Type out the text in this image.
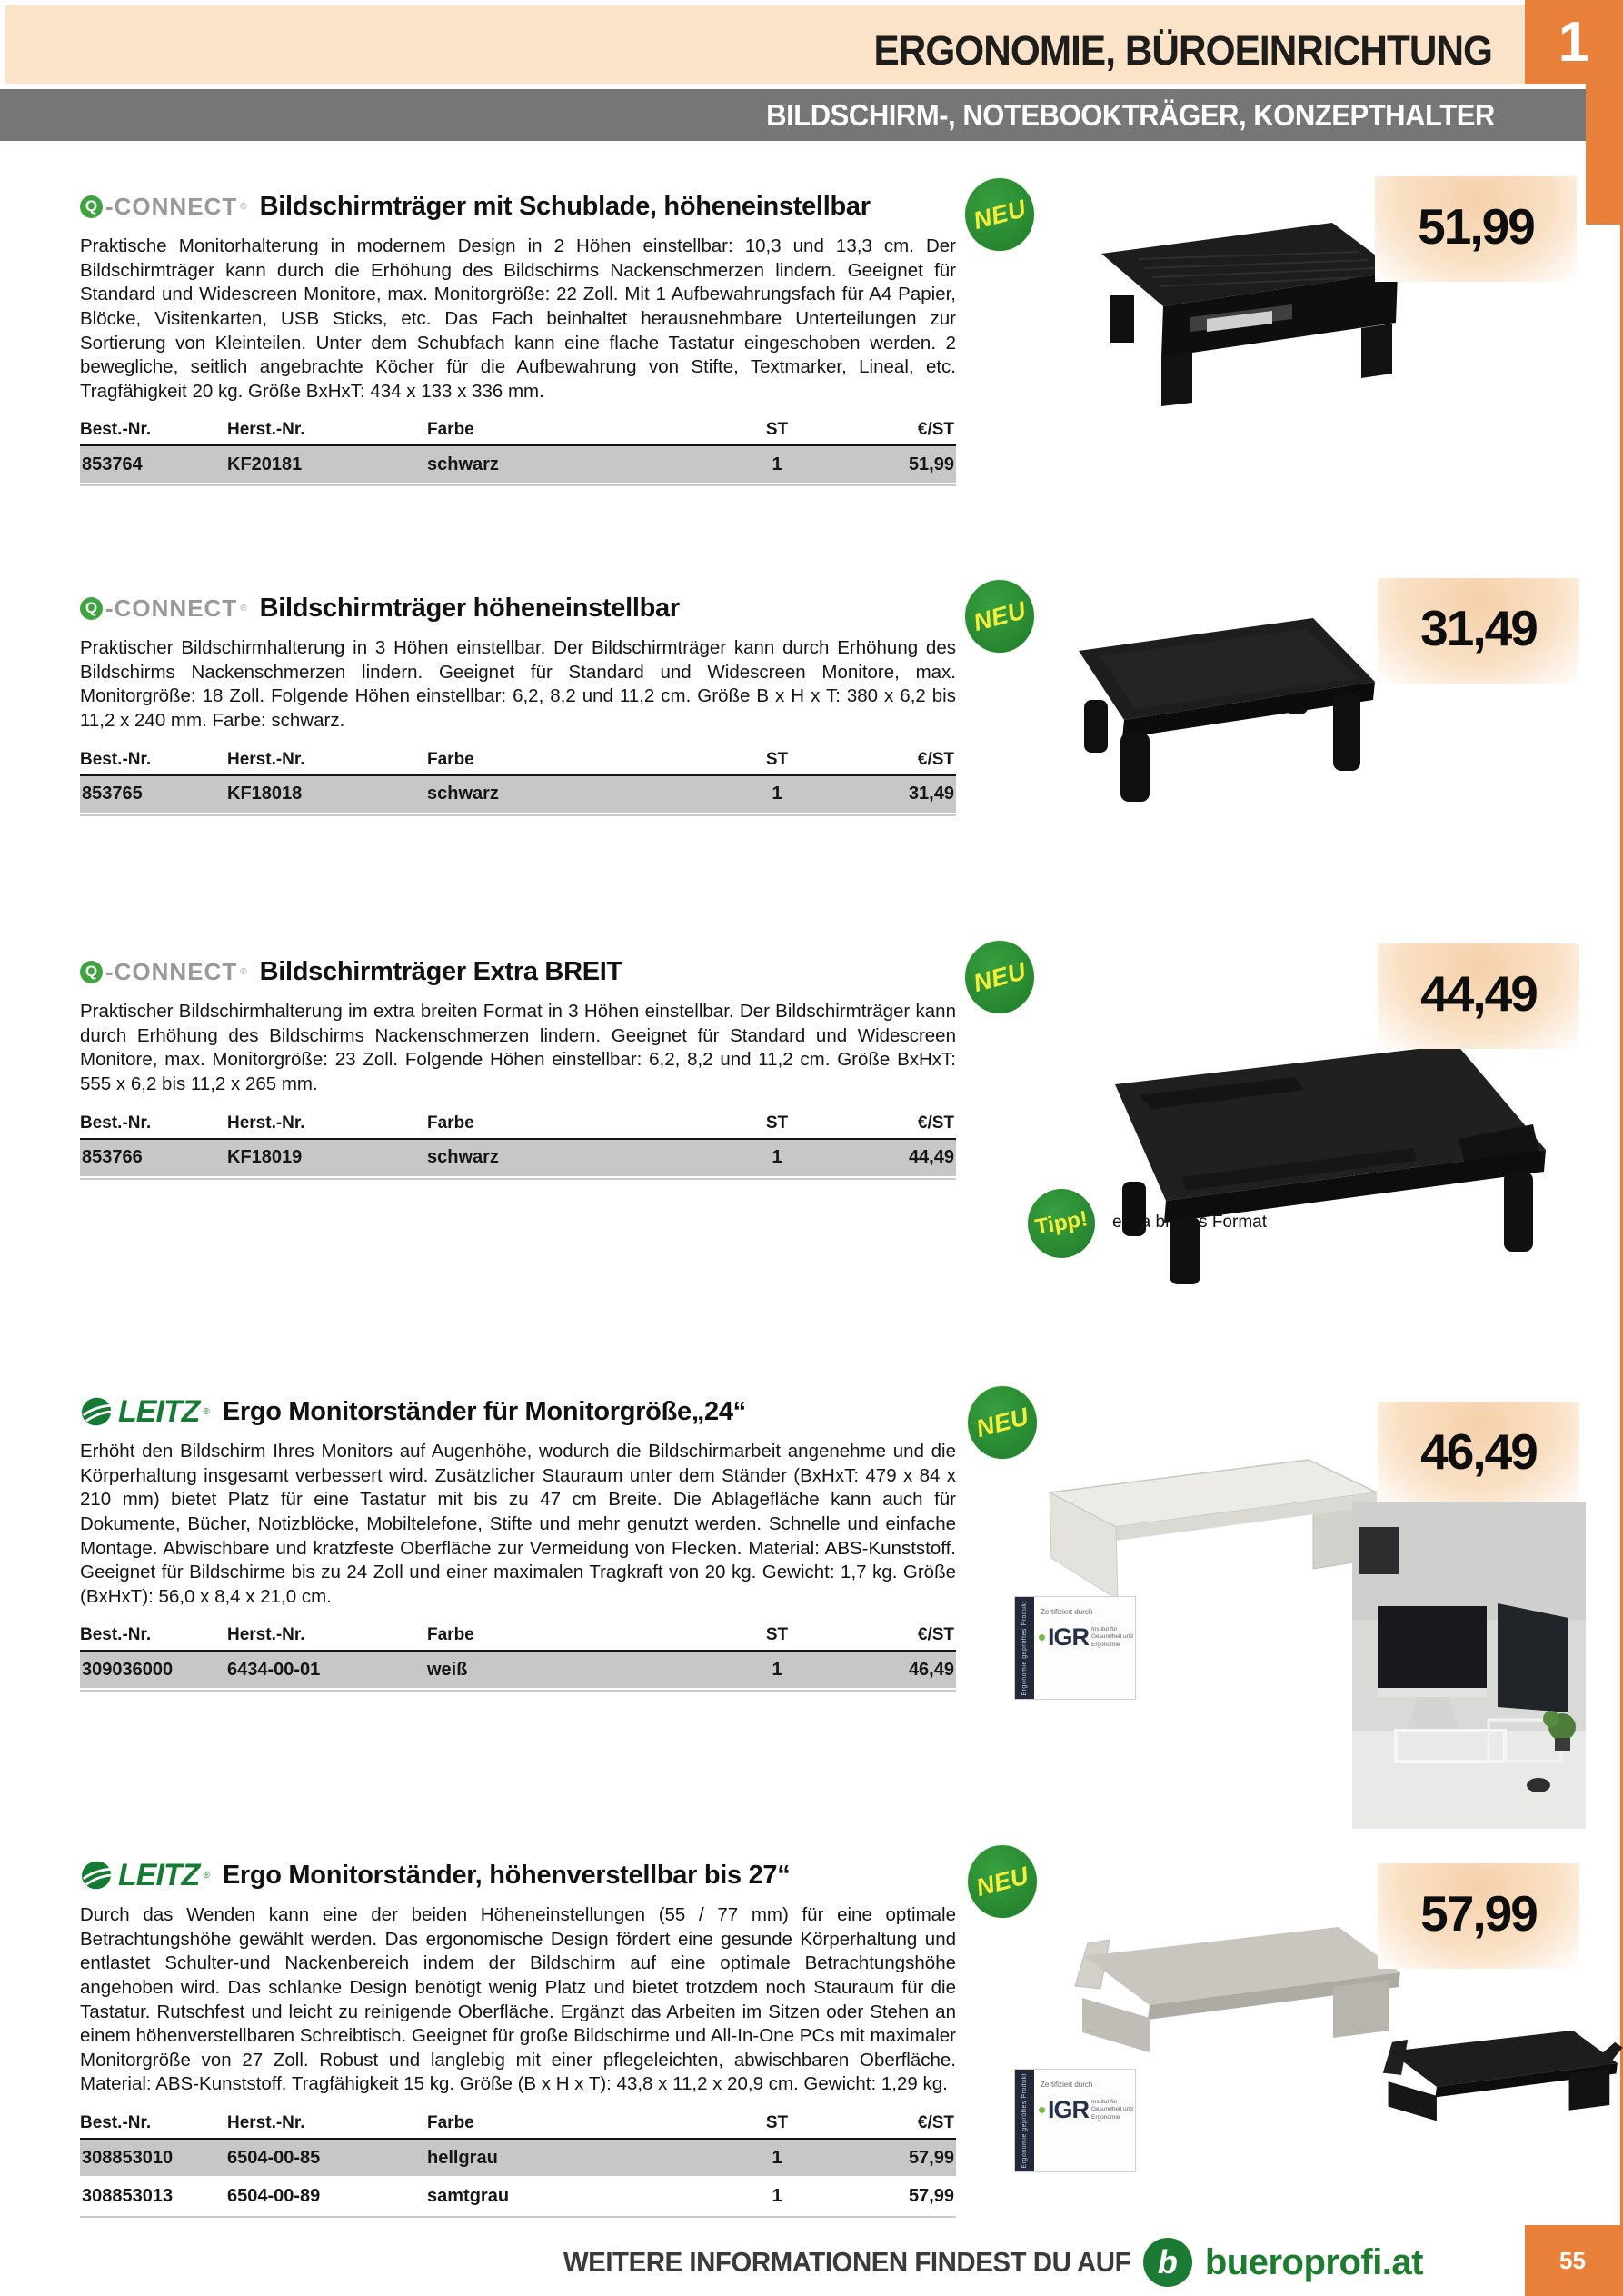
ERGONOMIE, BÜROEINRICHTUNG 1
BILDSCHIRM-, NOTEBOOKTRÄGER, KONZEPTHALTER
Q -CONNECT ® Bildschirmträger mit Schublade, höheneinstellbar

Praktische Monitorhalterung in modernem Design in 2 Höhen einstellbar: 10,3 und 13,3 cm. Der Bildschirmträger kann durch die Erhöhung des Bildschirms Nackenschmerzen lindern. Geeignet für Standard und Widescreen Monitore, max. Monitorgröße: 22 Zoll. Mit 1 Aufbewahrungsfach für A4 Papier, Blöcke, Visitenkarten, USB Sticks, etc. Das Fach beinhaltet herausnehmbare Unterteilungen zur Sortierung von Kleinteilen. Unter dem Schubfach kann eine flache Tastatur eingeschoben werden. 2 bewegliche, seitlich angebrachte Köcher für die Aufbewahrung von Stifte, Textmarker, Lineal, etc. Tragfähigkeit 20 kg. Größe BxHxT: 434 x 133 x 336 mm.

Best.-Nr.	Herst.-Nr.	Farbe	ST	€/ST
853764	KF20181	schwarz	1	51,99
NEU	51,99
Q -CONNECT ® Bildschirmträger höheneinstellbar

Praktischer Bildschirmhalterung in 3 Höhen einstellbar. Der Bildschirmträger kann durch Erhöhung des Bildschirms Nackenschmerzen lindern. Geeignet für Standard und Widescreen Monitore, max. Monitorgröße: 18 Zoll. Folgende Höhen einstellbar: 6,2, 8,2 und 11,2 cm. Größe B x H x T: 380 x 6,2 bis 11,2 x 240 mm. Farbe: schwarz.

Best.-Nr.	Herst.-Nr.	Farbe	ST	€/ST
853765	KF18018	schwarz	1	31,49
NEU	31,49
Q -CONNECT ® Bildschirmträger Extra BREIT

Praktischer Bildschirmhalterung im extra breiten Format in 3 Höhen einstellbar. Der Bildschirmträger kann durch Erhöhung des Bildschirms Nackenschmerzen lindern. Geeignet für Standard und Widescreen Monitore, max. Monitorgröße: 23 Zoll. Folgende Höhen einstellbar: 6,2, 8,2 und 11,2 cm. Größe BxHxT: 555 x 6,2 bis 11,2 x 265 mm.

Best.-Nr.	Herst.-Nr.	Farbe	ST	€/ST
853766	KF18019	schwarz	1	44,49
NEU	44,49
Tipp! extra breites Format
LEITZ ® Ergo Monitorständer für Monitorgröße„24“

Erhöht den Bildschirm Ihres Monitors auf Augenhöhe, wodurch die Bildschirmarbeit angenehme und die Körperhaltung insgesamt verbessert wird. Zusätzlicher Stauraum unter dem Ständer (BxHxT: 479 x 84 x 210 mm) bietet Platz für eine Tastatur mit bis zu 47 cm Breite. Die Ablagefläche kann auch für Dokumente, Bücher, Notizblöcke, Mobiltelefone, Stifte und mehr genutzt werden. Schnelle und einfache Montage. Abwischbare und kratzfeste Oberfläche zur Vermeidung von Flecken. Material: ABS-Kunststoff. Geeignet für Bildschirme bis zu 24 Zoll und einer maximalen Tragkraft von 20 kg. Gewicht: 1,7 kg. Größe (BxHxT): 56,0 x 8,4 x 21,0 cm.

Best.-Nr.	Herst.-Nr.	Farbe	ST	€/ST
309036000	6434-00-01	weiß	1	46,49
NEU
46,49
Ergonomie geprüftes Produkt Zertifiziert durch
IGR Institut für Gesundheit und Ergonomie
LEITZ ® Ergo Monitorständer, höhenverstellbar bis 27“

Durch das Wenden kann eine der beiden Höheneinstellungen (55 / 77 mm) für eine optimale Betrachtungshöhe gewählt werden. Das ergonomische Design fördert eine gesunde Körperhaltung und entlastet Schulter-und Nackenbereich indem der Bildschirm auf eine optimale Betrachtungshöhe angehoben wird. Das schlanke Design benötigt wenig Platz und bietet trotzdem noch Stauraum für die Tastatur. Rutschfest und leicht zu reinigende Oberfläche. Ergänzt das Arbeiten im Sitzen oder Stehen an einem höhenverstellbaren Schreibtisch. Geeignet für große Bildschirme und All-In-One PCs mit maximaler Monitorgröße von 27 Zoll. Robust und langlebig mit einer pflegeleichten, abwischbaren Oberfläche. Material: ABS-Kunststoff. Tragfähigkeit 15 kg. Größe (B x H x T): 43,8 x 11,2 x 20,9 cm. Gewicht: 1,29 kg.

Best.-Nr.	Herst.-Nr.	Farbe	ST	€/ST
308853010	6504-00-85	hellgrau	1	57,99
308853013	6504-00-89	samtgrau	1	57,99
NEU
57,99
Ergonomie geprüftes Produkt Zertifiziert durch
IGR Institut für Gesundheit und Ergonomie
WEITERE INFORMATIONEN FINDEST DU AUF b bueroprofi.at	55
